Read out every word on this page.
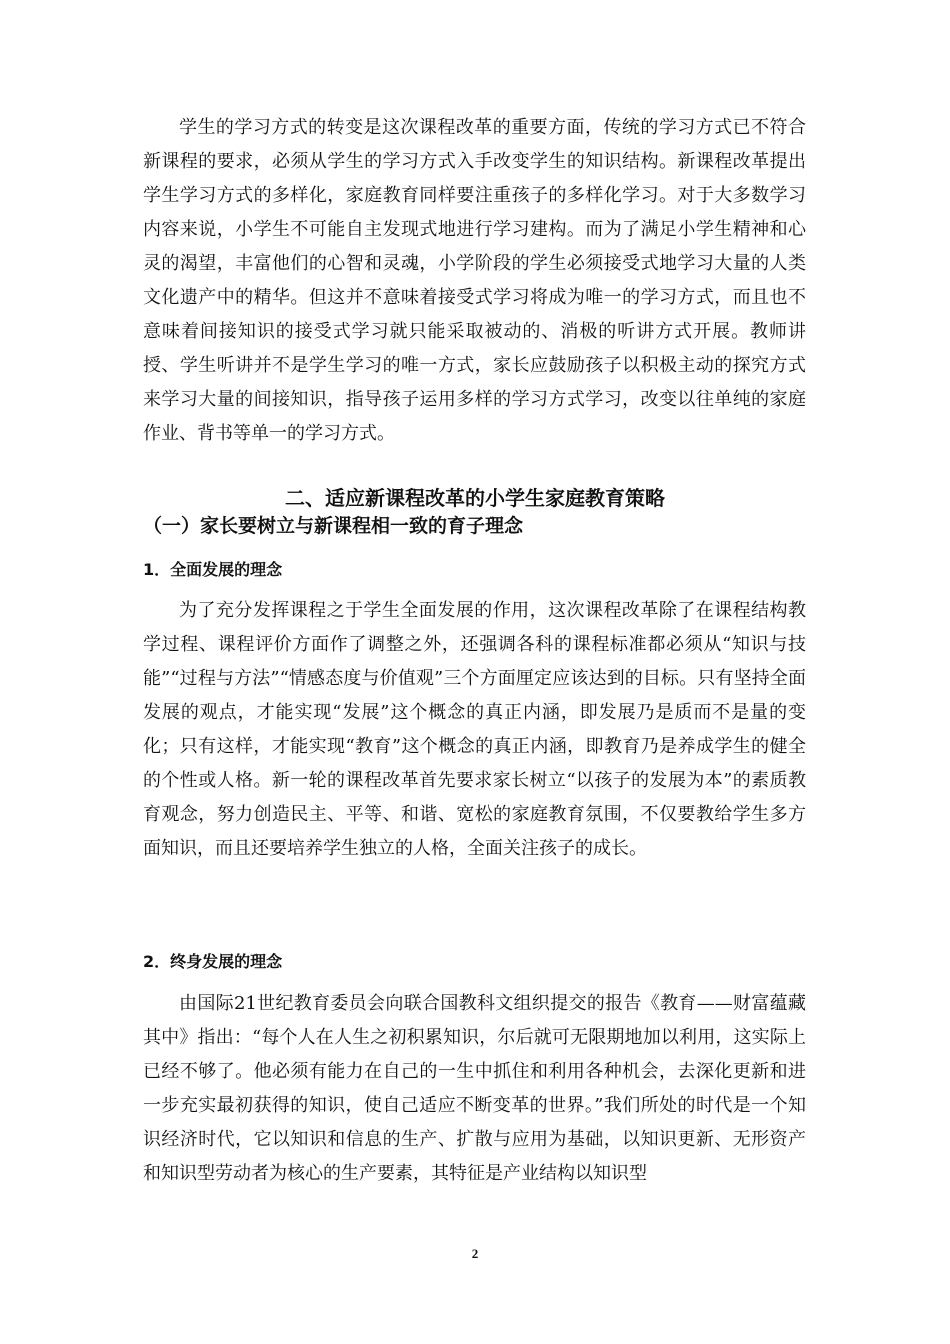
学生的学习方式的转变是这次课程改革的重要方面，传统的学习方式已不符合新课程的要求，必须从学生的学习方式入手改变学生的知识结构。新课程改革提出学生学习方式的多样化，家庭教育同样要注重孩子的多样化学习。对于大多数学习内容来说，小学生不可能自主发现式地进行学习建构。而为了满足小学生精神和心灵的渴望，丰富他们的心智和灵魂，小学阶段的学生必须接受式地学习大量的人类文化遗产中的精华。但这并不意味着接受式学习将成为唯一的学习方式，而且也不意味着间接知识的接受式学习就只能采取被动的、消极的听讲方式开展。教师讲授、学生听讲并不是学生学习的唯一方式，家长应鼓励孩子以积极主动的探究方式来学习大量的间接知识，指导孩子运用多样的学习方式学习，改变以往单纯的家庭作业、背书等单一的学习方式。

二、适应新课程改革的小学生家庭教育策略
（一）家长要树立与新课程相一致的育子理念
1．全面发展的理念

为了充分发挥课程之于学生全面发展的作用，这次课程改革除了在课程结构教学过程、课程评价方面作了调整之外，还强调各科的课程标准都必须从“知识与技能”“过程与方法”“情感态度与价值观”三个方面厘定应该达到的目标。只有坚持全面发展的观点，才能实现“发展”这个概念的真正内涵，即发展乃是质而不是量的变化；只有这样，才能实现“教育”这个概念的真正内涵，即教育乃是养成学生的健全的个性或人格。新一轮的课程改革首先要求家长树立“以孩子的发展为本”的素质教育观念，努力创造民主、平等、和谐、宽松的家庭教育氛围，不仅要教给学生多方面知识，而且还要培养学生独立的人格，全面关注孩子的成长。

2．终身发展的理念

由国际21世纪教育委员会向联合国教科文组织提交的报告《教育——财富蕴藏其中》指出：“每个人在人生之初积累知识，尔后就可无限期地加以利用，这实际上已经不够了。他必须有能力在自己的一生中抓住和利用各种机会，去深化更新和进一步充实最初获得的知识，使自己适应不断变革的世界。”我们所处的时代是一个知识经济时代，它以知识和信息的生产、扩散与应用为基础，以知识更新、无形资产和知识型劳动者为核心的生产要素，其特征是产业结构以知识型

2
